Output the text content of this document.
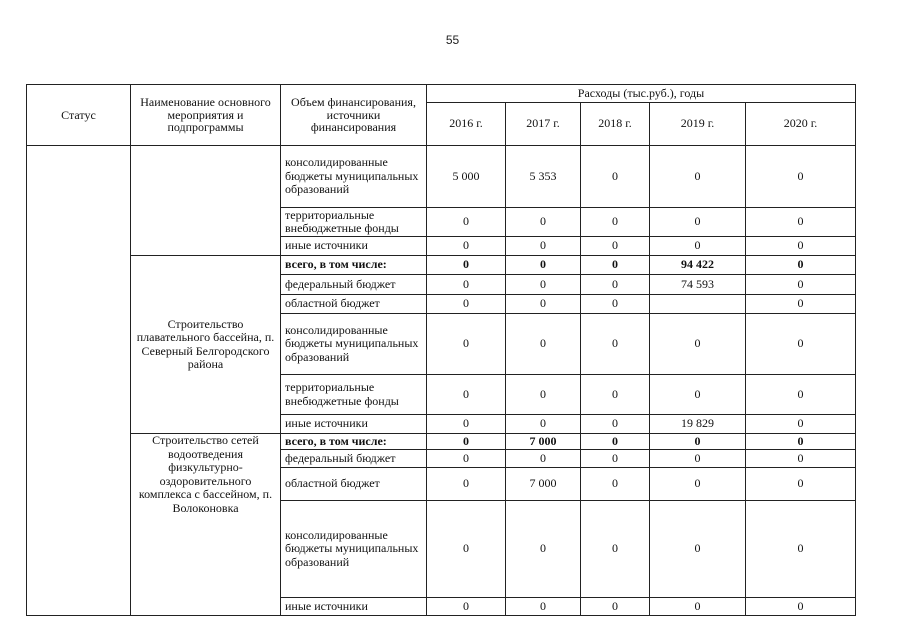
55
Статус	Наименование основного мероприятия и подпрограммы	Объем финансирования, источники финансирования	Расходы (тыс.руб.), годы				
			2016 г.	2017 г.	2018 г.	2019 г.	2020 г.
		консолидированные бюджеты муниципальных образований	5 000	5 353	0	0	0
		территориальные внебюджетные фонды	0	0	0	0	0
		иные источники	0	0	0	0	0
	Строительство плавательного бассейна, п. Северный Белгородского района	всего, в том числе:	0	0	0	94 422	0
		федеральный бюджет	0	0	0	74 593	0
		областной бюджет	0	0	0		0
		консолидированные бюджеты муниципальных образований	0	0	0	0	0
		территориальные внебюджетные фонды	0	0	0	0	0
		иные источники	0	0	0	19 829	0
	Строительство сетей водоотведения физкультурно-оздоровительного комплекса с бассейном, п. Волоконовка	всего, в том числе:	0	7 000	0	0	0
		федеральный бюджет	0	0	0	0	0
		областной бюджет	0	7 000	0	0	0
		консолидированные бюджеты муниципальных образований	0	0	0	0	0
		иные источники	0	0	0	0	0
